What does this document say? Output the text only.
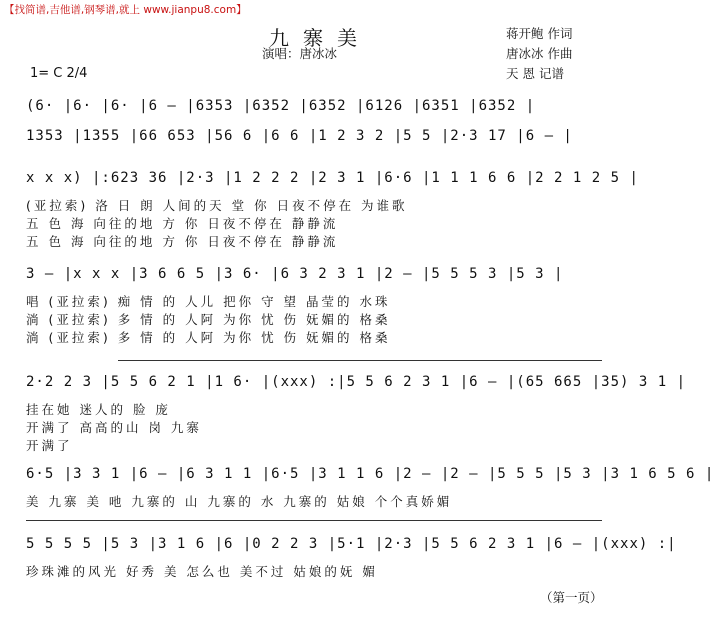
【找简谱,吉他谱,钢琴谱,就上 www.jianpu8.com】
九寨美
演唱：唐冰冰
蒋开鲍 作词
唐冰冰 作曲
天 恩 记谱
1= C 2/4
(6· |6· |6· |6 – |6353 |6352 |6352 |6126 |6351 |6352 |
1353 |1355 |66 653 |56 6 |6 6 |1 2 3 2 |5 5 |2·3 17 |6 – |
x x x) |:623 36 |2·3 |1 2 2 2 |2 3 1 |6·6 |1 1 1 6 6 |2 2 1 2 5 |
(亚拉索) 洛 日 朗 人间的天 堂 你 日夜不停在 为谁歌
五 色 海 向往的地 方 你 日夜不停在 静静流
五 色 海 向往的地 方 你 日夜不停在 静静流
3 – |x x x |3 6 6 5 |3 6· |6 3 2 3 1 |2 – |5 5 5 3 |5 3 |
唱 (亚拉索) 痴 情 的 人儿 把你 守 望 晶莹的 水珠
淌 (亚拉索) 多 情 的 人阿 为你 忧 伤 妩媚的 格桑
淌 (亚拉索) 多 情 的 人阿 为你 忧 伤 妩媚的 格桑
2·2 2 3 |5 5 6 2 1 |1 6· |(xxx) :|5 5 6 2 3 1 |6 – |(65 665 |35) 3 1 |
挂在她 迷人的 脸 庞
开满了 高高的山 岗 九寨
开满了
6·5 |3 3 1 |6 – |6 3 1 1 |6·5 |3 1 1 6 |2 – |2 – |5 5 5 |5 3 |3 1 6 5 6 |
美 九寨 美 吔 九寨的 山 九寨的 水 九寨的 姑娘 个个真娇媚
5 5 5 5 |5 3 |3 1 6 |6 |0 2 2 3 |5·1 |2·3 |5 5 6 2 3 1 |6 – |(xxx) :|
珍珠滩的风光 好秀 美 怎么也 美不过 姑娘的妩 媚
（第一页）
